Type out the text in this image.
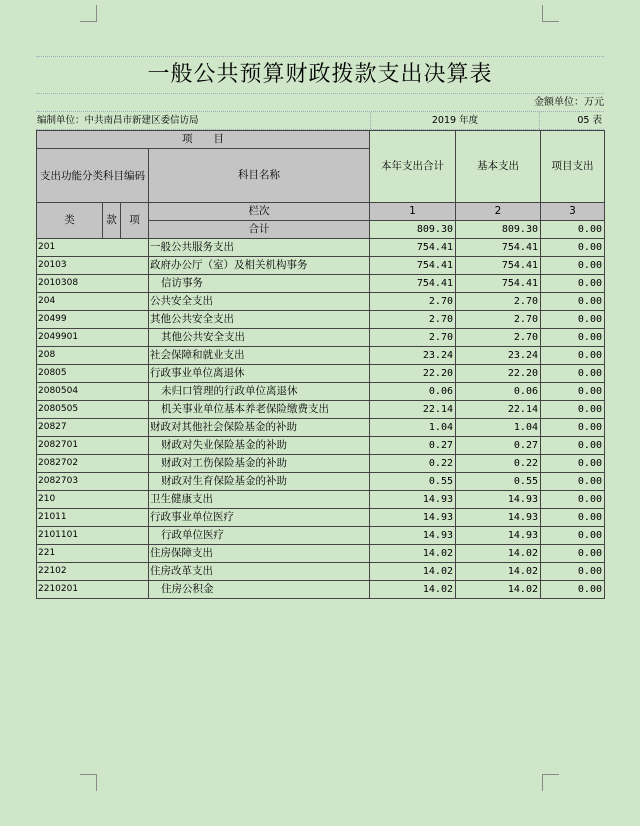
一般公共预算财政拨款支出决算表
金额单位：万元
编制单位：中共南昌市新建区委信访局	2019 年度	05 表
项　　目				本年支出合计	基本支出	项目支出
支出功能分类科目编码			科目名称			

类	款	项	栏次	1	2	3
			合计	809.30	809.30	0.00
201			一般公共服务支出	754.41	754.41	0.00
20103			政府办公厅（室）及相关机构事务	754.41	754.41	0.00
2010308			信访事务	754.41	754.41	0.00
204			公共安全支出	2.70	2.70	0.00
20499			其他公共安全支出	2.70	2.70	0.00
2049901			其他公共安全支出	2.70	2.70	0.00
208			社会保障和就业支出	23.24	23.24	0.00
20805			行政事业单位离退休	22.20	22.20	0.00
2080504			未归口管理的行政单位离退休	0.06	0.06	0.00
2080505			机关事业单位基本养老保险缴费支出	22.14	22.14	0.00
20827			财政对其他社会保险基金的补助	1.04	1.04	0.00
2082701			财政对失业保险基金的补助	0.27	0.27	0.00
2082702			财政对工伤保险基金的补助	0.22	0.22	0.00
2082703			财政对生育保险基金的补助	0.55	0.55	0.00
210			卫生健康支出	14.93	14.93	0.00
21011			行政事业单位医疗	14.93	14.93	0.00
2101101			行政单位医疗	14.93	14.93	0.00
221			住房保障支出	14.02	14.02	0.00
22102			住房改革支出	14.02	14.02	0.00
2210201			住房公积金	14.02	14.02	0.00
